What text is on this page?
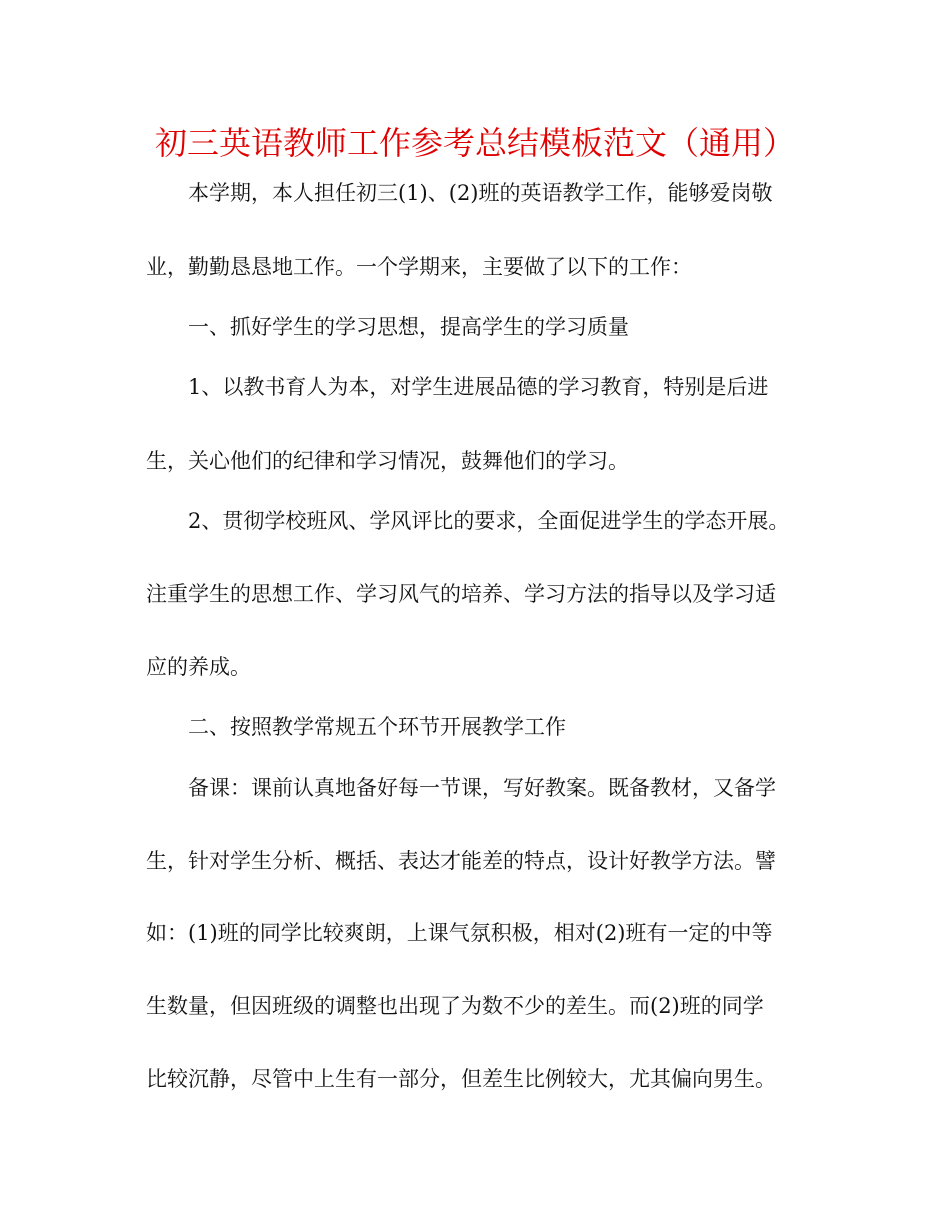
初三英语教师工作参考总结模板范文（通用）
本学期，本人担任初三(1)、(2)班的英语教学工作，能够爱岗敬
业，勤勤恳恳地工作。一个学期来，主要做了以下的工作：
一、抓好学生的学习思想，提高学生的学习质量
1、以教书育人为本，对学生进展品德的学习教育，特别是后进
生，关心他们的纪律和学习情况，鼓舞他们的学习。
2、贯彻学校班风、学风评比的要求，全面促进学生的学态开展。
注重学生的思想工作、学习风气的培养、学习方法的指导以及学习适
应的养成。
二、按照教学常规五个环节开展教学工作
备课：课前认真地备好每一节课，写好教案。既备教材，又备学
生，针对学生分析、概括、表达才能差的特点，设计好教学方法。譬
如：(1)班的同学比较爽朗，上课气氛积极，相对(2)班有一定的中等
生数量，但因班级的调整也出现了为数不少的差生。而(2)班的同学
比较沉静，尽管中上生有一部分，但差生比例较大，尤其偏向男生。
